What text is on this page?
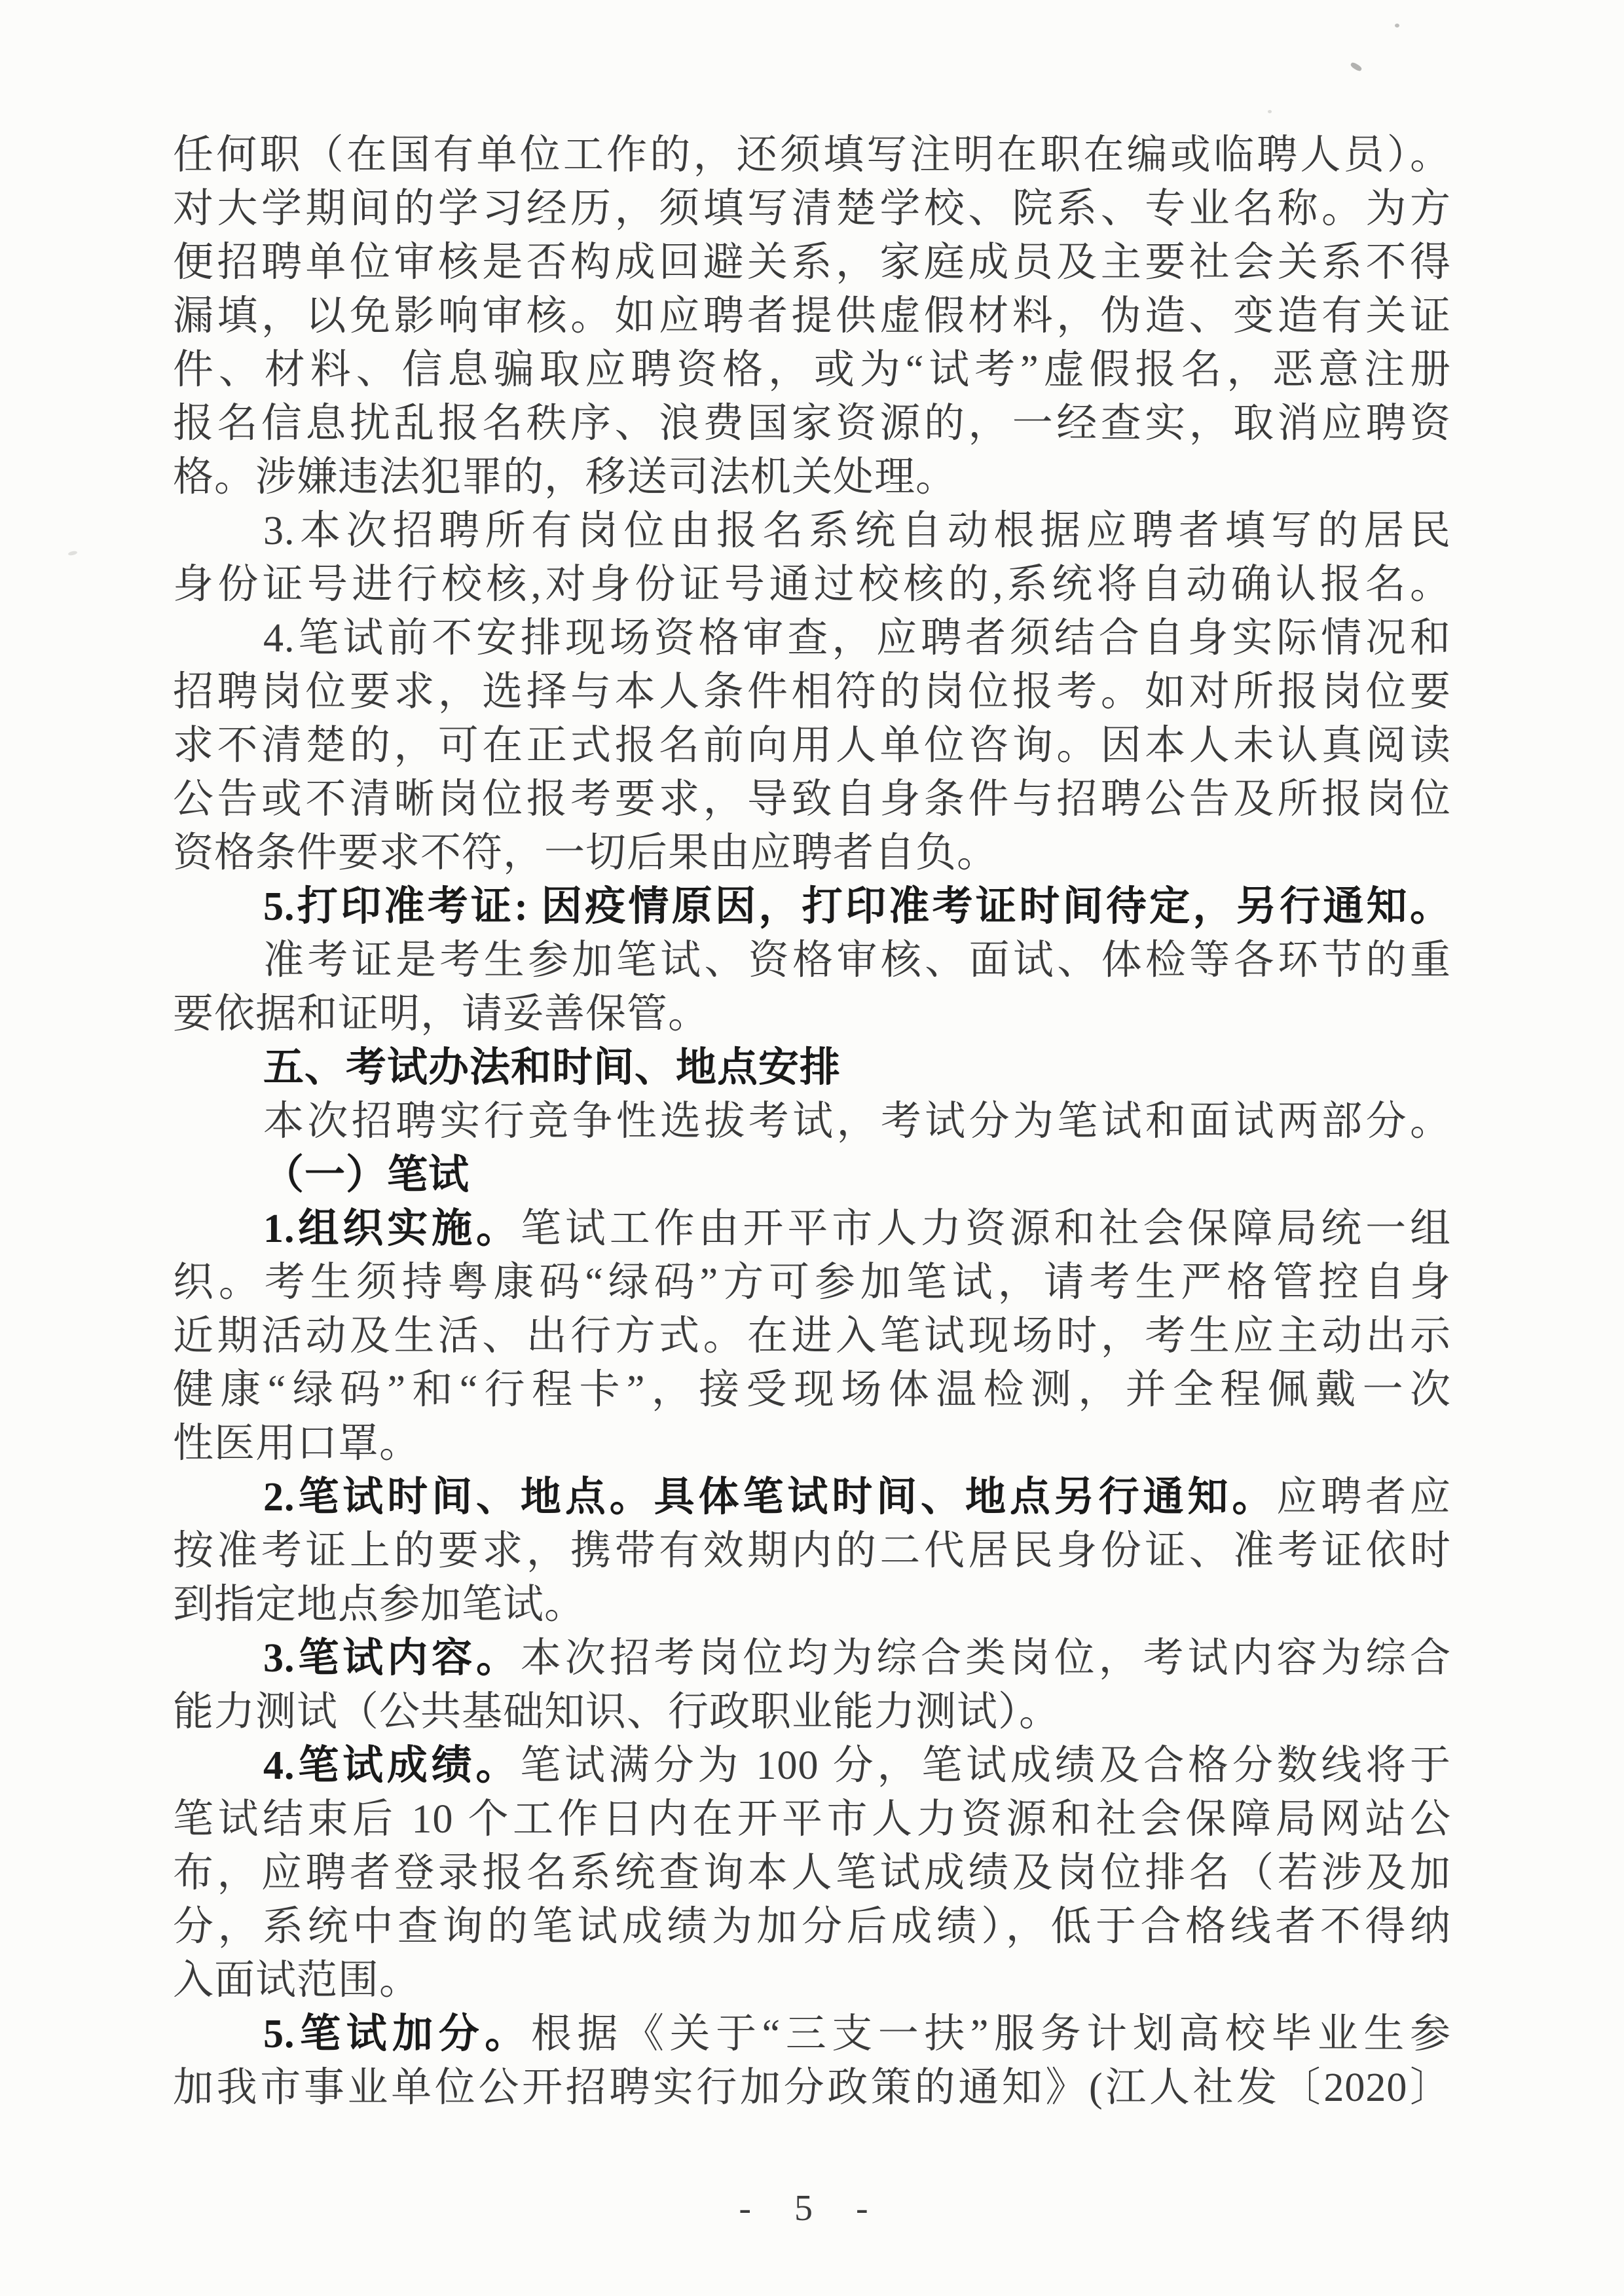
任何职（在国有单位工作的，还须填写注明在职在编或临聘人员）。
对大学期间的学习经历，须填写清楚学校、院系、专业名称。为方
便招聘单位审核是否构成回避关系，家庭成员及主要社会关系不得
漏填，以免影响审核。如应聘者提供虚假材料，伪造、变造有关证
件、材料、信息骗取应聘资格，或为“试考”虚假报名，恶意注册
报名信息扰乱报名秩序、浪费国家资源的，一经查实，取消应聘资
格。涉嫌违法犯罪的，移送司法机关处理。
3.本次招聘所有岗位由报名系统自动根据应聘者填写的居民
身份证号进行校核,对身份证号通过校核的,系统将自动确认报名。
4.笔试前不安排现场资格审查，应聘者须结合自身实际情况和
招聘岗位要求，选择与本人条件相符的岗位报考。如对所报岗位要
求不清楚的，可在正式报名前向用人单位咨询。因本人未认真阅读
公告或不清晰岗位报考要求，导致自身条件与招聘公告及所报岗位
资格条件要求不符，一切后果由应聘者自负。
5.打印准考证: 因疫情原因，打印准考证时间待定，另行通知。
准考证是考生参加笔试、资格审核、面试、体检等各环节的重
要依据和证明，请妥善保管。
五、考试办法和时间、地点安排
本次招聘实行竞争性选拔考试，考试分为笔试和面试两部分。
（一）笔试
1.组织实施。笔试工作由开平市人力资源和社会保障局统一组
织。考生须持粤康码“绿码”方可参加笔试，请考生严格管控自身
近期活动及生活、出行方式。在进入笔试现场时，考生应主动出示
健康“绿码”和“行程卡”，接受现场体温检测，并全程佩戴一次
性医用口罩。
2.笔试时间、地点。具体笔试时间、地点另行通知。应聘者应
按准考证上的要求，携带有效期内的二代居民身份证、准考证依时
到指定地点参加笔试。
3.笔试内容。本次招考岗位均为综合类岗位，考试内容为综合
能力测试（公共基础知识、行政职业能力测试）。
4.笔试成绩。笔试满分为 100 分，笔试成绩及合格分数线将于
笔试结束后 10 个工作日内在开平市人力资源和社会保障局网站公
布，应聘者登录报名系统查询本人笔试成绩及岗位排名（若涉及加
分，系统中查询的笔试成绩为加分后成绩），低于合格线者不得纳
入面试范围。
5.笔试加分。根据《关于“三支一扶”服务计划高校毕业生参
加我市事业单位公开招聘实行加分政策的通知》(江人社发〔2020〕
- 5 -
